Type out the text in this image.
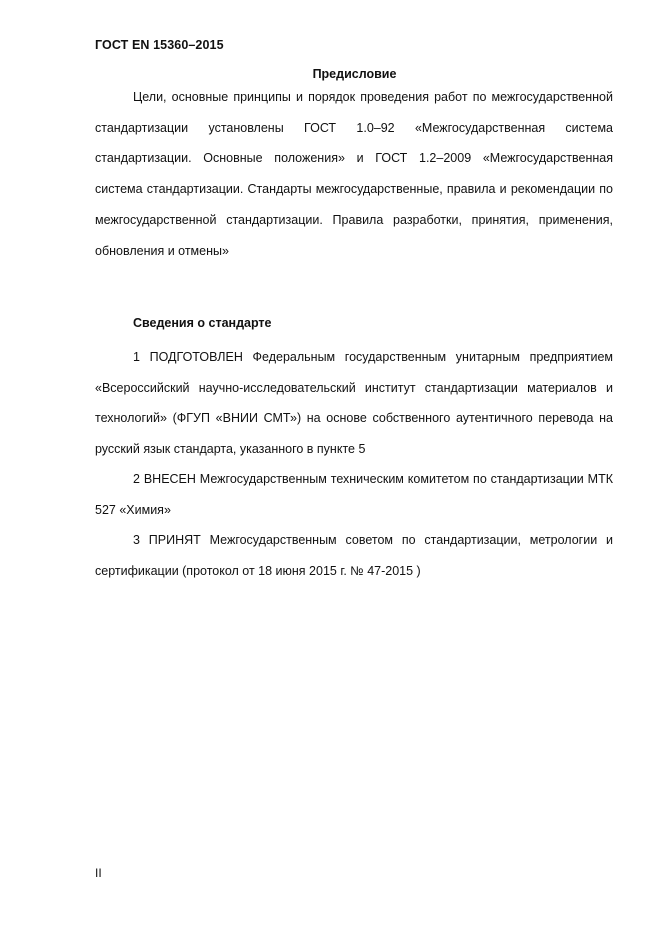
ГОСТ EN 15360–2015
Предисловие
Цели, основные принципы и порядок проведения работ по межгосударственной стандартизации установлены ГОСТ 1.0–92 «Межгосударственная система стандартизации. Основные положения» и ГОСТ 1.2–2009 «Межгосударственная система стандартизации. Стандарты межгосударственные, правила и рекомендации по межгосударственной стандартизации. Правила разработки, принятия, применения, обновления и отмены»
Сведения о стандарте
1 ПОДГОТОВЛЕН Федеральным государственным унитарным предприятием «Всероссийский научно-исследовательский институт стандартизации материалов и технологий» (ФГУП «ВНИИ СМТ») на основе собственного аутентичного перевода на русский язык стандарта, указанного в пункте 5
2 ВНЕСЕН Межгосударственным техническим комитетом по стандартизации МТК 527 «Химия»
3 ПРИНЯТ Межгосударственным советом по стандартизации, метрологии и сертификации (протокол от 18 июня 2015 г. № 47-2015 )
II
